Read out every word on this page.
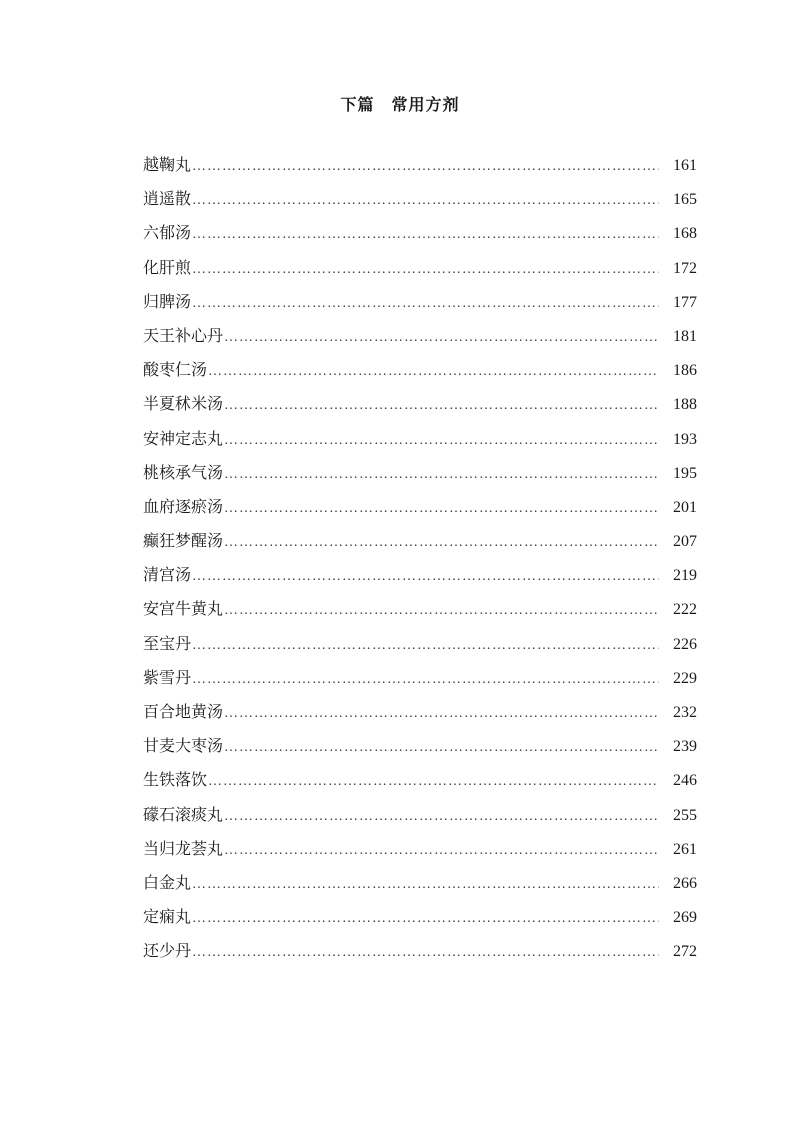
下篇　常用方剂
越鞠丸 ………………………………………………………………………………………………………………………………………………………………	161
逍遥散 ………………………………………………………………………………………………………………………………………………………………	165
六郁汤 ………………………………………………………………………………………………………………………………………………………………	168
化肝煎 ………………………………………………………………………………………………………………………………………………………………	172
归脾汤 ………………………………………………………………………………………………………………………………………………………………	177
天王补心丹 ………………………………………………………………………………………………………………………………………………………………	181
酸枣仁汤 ………………………………………………………………………………………………………………………………………………………………	186
半夏秫米汤 ………………………………………………………………………………………………………………………………………………………………	188
安神定志丸 ………………………………………………………………………………………………………………………………………………………………	193
桃核承气汤 ………………………………………………………………………………………………………………………………………………………………	195
血府逐瘀汤 ………………………………………………………………………………………………………………………………………………………………	201
癫狂梦醒汤 ………………………………………………………………………………………………………………………………………………………………	207
清宫汤 ………………………………………………………………………………………………………………………………………………………………	219
安宫牛黄丸 ………………………………………………………………………………………………………………………………………………………………	222
至宝丹 ………………………………………………………………………………………………………………………………………………………………	226
紫雪丹 ………………………………………………………………………………………………………………………………………………………………	229
百合地黄汤 ………………………………………………………………………………………………………………………………………………………………	232
甘麦大枣汤 ………………………………………………………………………………………………………………………………………………………………	239
生铁落饮 ………………………………………………………………………………………………………………………………………………………………	246
礞石滚痰丸 ………………………………………………………………………………………………………………………………………………………………	255
当归龙荟丸 ………………………………………………………………………………………………………………………………………………………………	261
白金丸 ………………………………………………………………………………………………………………………………………………………………	266
定痫丸 ………………………………………………………………………………………………………………………………………………………………	269
还少丹 ………………………………………………………………………………………………………………………………………………………………	272
